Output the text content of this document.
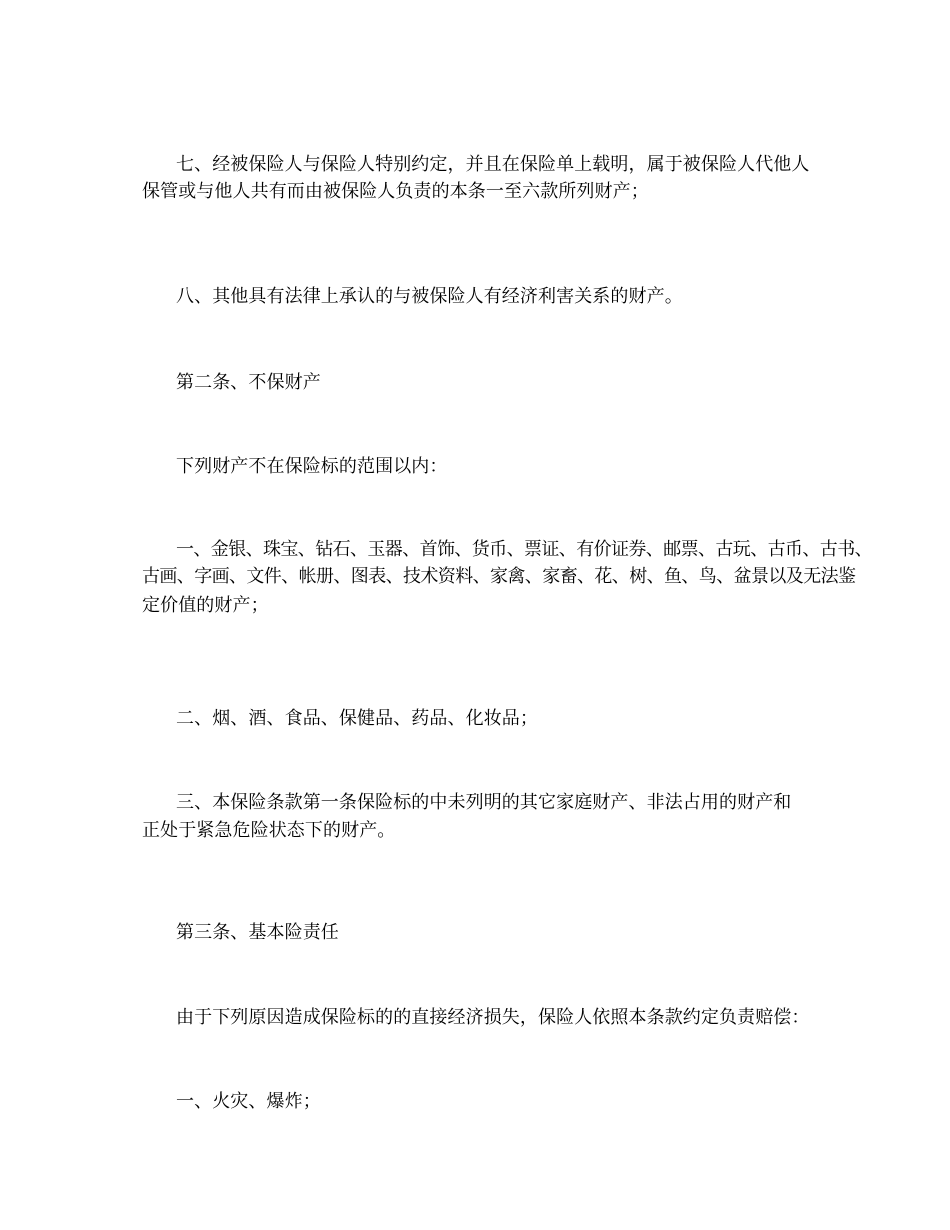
七、经被保险人与保险人特别约定，并且在保险单上载明，属于被保险人代他人
保管或与他人共有而由被保险人负责的本条一至六款所列财产；
八、其他具有法律上承认的与被保险人有经济利害关系的财产。
第二条、不保财产
下列财产不在保险标的范围以内：
一、金银、珠宝、钻石、玉器、首饰、货币、票证、有价证券、邮票、古玩、古币、古书、
古画、字画、文件、帐册、图表、技术资料、家禽、家畜、花、树、鱼、鸟、盆景以及无法鉴
定价值的财产；
二、烟、酒、食品、保健品、药品、化妆品；
三、本保险条款第一条保险标的中未列明的其它家庭财产、非法占用的财产和
正处于紧急危险状态下的财产。
第三条、基本险责任
由于下列原因造成保险标的的直接经济损失，保险人依照本条款约定负责赔偿：
一、火灾、爆炸；
